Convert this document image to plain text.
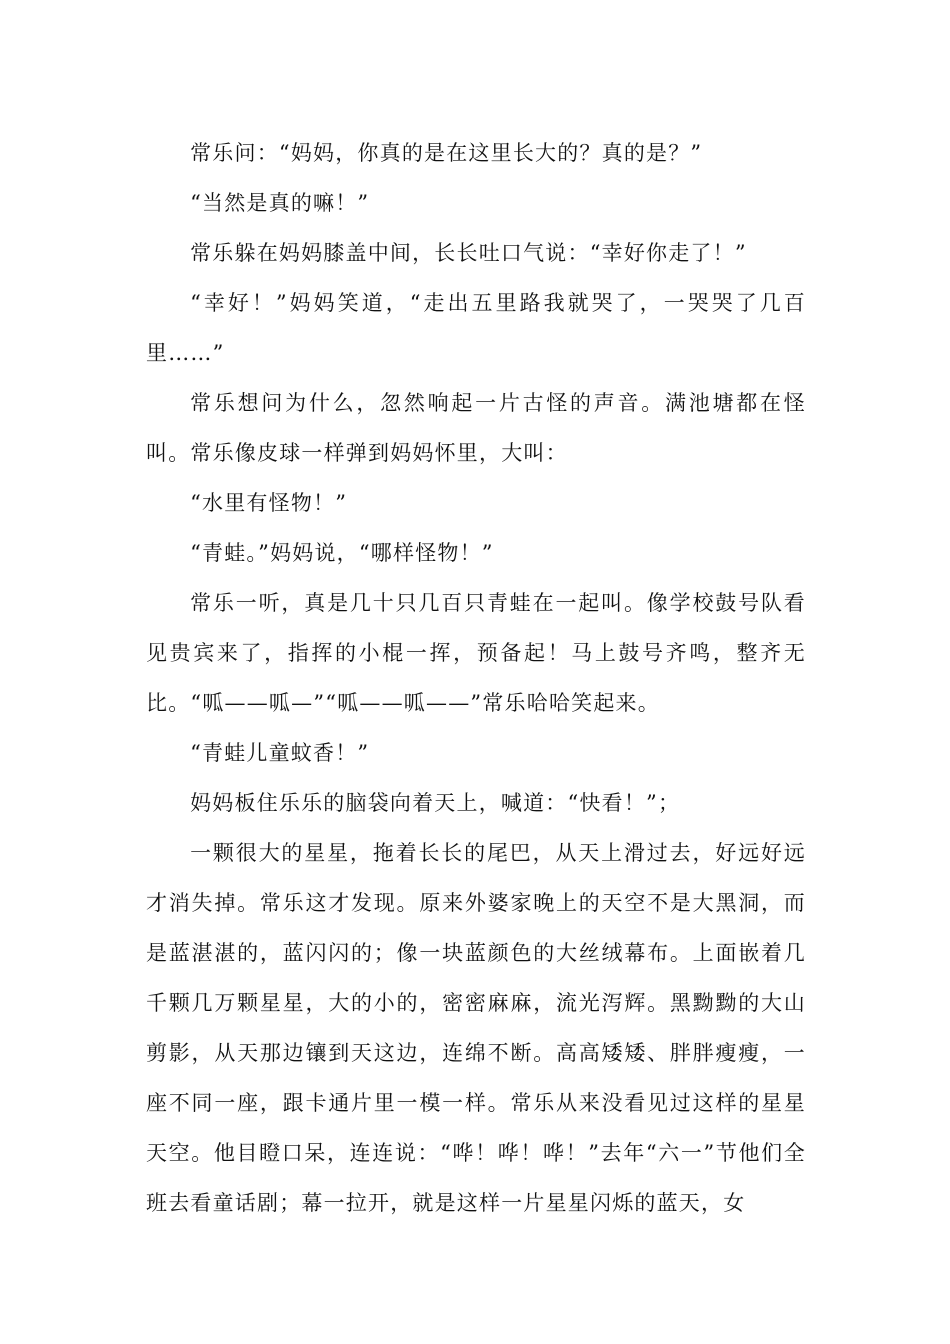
常乐问：“妈妈，你真的是在这里长大的？真的是？”

“当然是真的嘛！”

常乐躲在妈妈膝盖中间，长长吐口气说：“幸好你走了！”

“幸好！”妈妈笑道，“走出五里路我就哭了，一哭哭了几百里……”

常乐想问为什么，忽然响起一片古怪的声音。满池塘都在怪叫。常乐像皮球一样弹到妈妈怀里，大叫：

“水里有怪物！”

“青蛙。”妈妈说，“哪样怪物！”

常乐一听，真是几十只几百只青蛙在一起叫。像学校鼓号队看见贵宾来了，指挥的小棍一挥，预备起！马上鼓号齐鸣，整齐无比。“呱——呱—”“呱——呱——”常乐哈哈笑起来。

“青蛙儿童蚊香！”

妈妈板住乐乐的脑袋向着天上，喊道：“快看！”；

一颗很大的星星，拖着长长的尾巴，从天上滑过去，好远好远才消失掉。常乐这才发现。原来外婆家晚上的天空不是大黑洞，而是蓝湛湛的，蓝闪闪的；像一块蓝颜色的大丝绒幕布。上面嵌着几千颗几万颗星星，大的小的，密密麻麻，流光泻辉。黑黝黝的大山剪影，从天那边镶到天这边，连绵不断。高高矮矮、胖胖瘦瘦，一座不同一座，跟卡通片里一模一样。常乐从来没看见过这样的星星天空。他目瞪口呆，连连说：“哗！哗！哗！”去年“六一”节他们全班去看童话剧；幕一拉开，就是这样一片星星闪烁的蓝天，女
